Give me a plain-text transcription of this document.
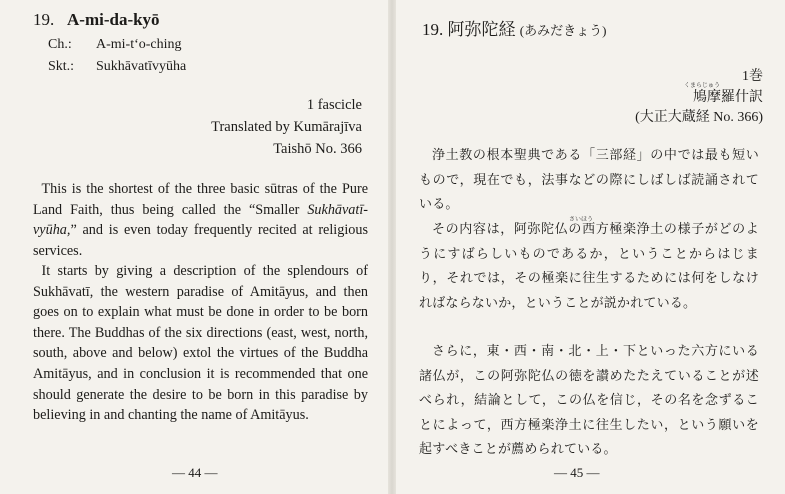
19. A-mi-da-kyō
Ch.: A-mi-t‘o-ching
Skt.: Sukhāvatīvyūha
1 fascicle
Translated by Kumārajīva
Taishō No. 366
This is the shortest of the three basic sūtras of the Pure Land Faith, thus being called the “Smaller Sukhāvatī-vyūha,” and is even today frequently recited at religious services.
It starts by giving a description of the splendours of Sukhāvatī, the western paradise of Amitāyus, and then goes on to explain what must be done in order to be born there. The Buddhas of the six directions (east, west, north, south, above and below) extol the virtues of the Buddha Amitāyus, and in conclusion it is recommended that one should generate the desire to be born in this paradise by believing in and chanting the name of Amitāyus.
— 44 —
19. 阿弥陀経 (あみだきょう)
1巻
くまらじゅう
鳩摩羅什訳
(大正大蔵経 No. 366)
浄土教の根本聖典である「三部経」の中では最も短いもので，現在でも，法事などの際にしばしば読誦されている。
さいほう
その内容は，阿弥陀仏の西方極楽浄土の様子がどのようにすばらしいものであるか，ということからはじまり，それでは，その極楽に往生するためには何をしなければならないか，ということが説かれている。
さらに，東・西・南・北・上・下といった六方にいる諸仏が，この阿弥陀仏の徳を讃めたたえていることが述べられ，結論として，この仏を信じ，その名を念ずることによって，西方極楽浄土に往生したい，という願いを起すべきことが薦められている。
— 45 —
